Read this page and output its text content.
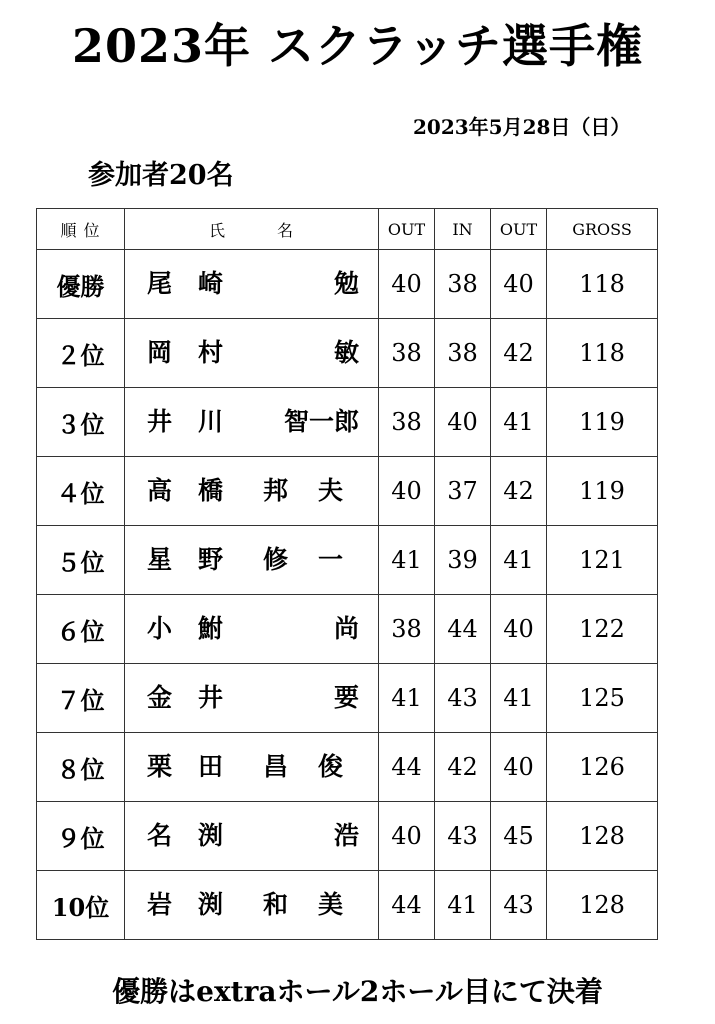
2023年 スクラッチ選手権
2023年5月28日（日）
参加者20名
順 位	氏　　　名	OUT	IN	OUT	GROSS
優勝	尾崎 勉	40	38	40	118
２位	岡村 敏	38	38	42	118
３位	井川 智一郎	38	40	41	119
４位	高橋 邦夫	40	37	42	119
５位	星野 修一	41	39	41	121
６位	小鮒 尚	38	44	40	122
７位	金井 要	41	43	41	125
８位	栗田 昌俊	44	42	40	126
９位	名渕 浩	40	43	45	128
10位	岩渕 和美	44	41	43	128
優勝はextraホール2ホール目にて決着
